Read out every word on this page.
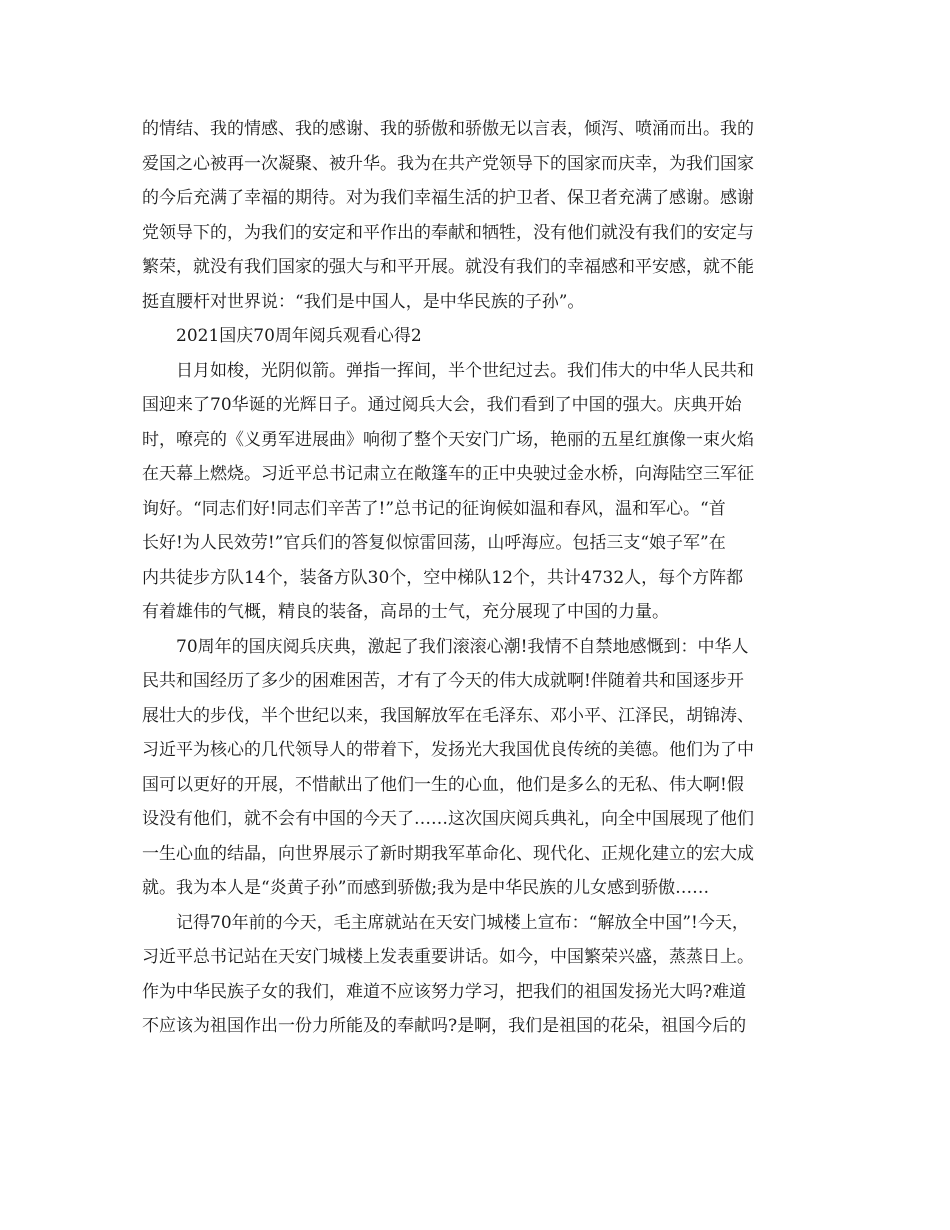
的情结、我的情感、我的感谢、我的骄傲和骄傲无以言表，倾泻、喷涌而出。我的
爱国之心被再一次凝聚、被升华。我为在共产党领导下的国家而庆幸，为我们国家
的今后充满了幸福的期待。对为我们幸福生活的护卫者、保卫者充满了感谢。感谢
党领导下的，为我们的安定和平作出的奉献和牺牲，没有他们就没有我们的安定与
繁荣，就没有我们国家的强大与和平开展。就没有我们的幸福感和平安感，就不能
挺直腰杆对世界说：“我们是中国人，是中华民族的子孙”。

2021国庆70周年阅兵观看心得2

日月如梭，光阴似箭。弹指一挥间，半个世纪过去。我们伟大的中华人民共和
国迎来了70华诞的光辉日子。通过阅兵大会，我们看到了中国的强大。庆典开始
时，嘹亮的《义勇军进展曲》响彻了整个天安门广场，艳丽的五星红旗像一束火焰
在天幕上燃烧。习近平总书记肃立在敞篷车的正中央驶过金水桥，向海陆空三军征
询好。“同志们好!同志们辛苦了!”总书记的征询候如温和春风，温和军心。“首
长好!为人民效劳!”官兵们的答复似惊雷回荡，山呼海应。包括三支“娘子军”在
内共徒步方队14个，装备方队30个，空中梯队12个，共计4732人，每个方阵都
有着雄伟的气概，精良的装备，高昂的士气，充分展现了中国的力量。

70周年的国庆阅兵庆典，激起了我们滚滚心潮!我情不自禁地感慨到：中华人
民共和国经历了多少的困难困苦，才有了今天的伟大成就啊!伴随着共和国逐步开
展壮大的步伐，半个世纪以来，我国解放军在毛泽东、邓小平、江泽民，胡锦涛、
习近平为核心的几代领导人的带着下，发扬光大我国优良传统的美德。他们为了中
国可以更好的开展，不惜献出了他们一生的心血，他们是多么的无私、伟大啊!假
设没有他们，就不会有中国的今天了……这次国庆阅兵典礼，向全中国展现了他们
一生心血的结晶，向世界展示了新时期我军革命化、现代化、正规化建立的宏大成
就。我为本人是“炎黄子孙”而感到骄傲;我为是中华民族的儿女感到骄傲……

记得70年前的今天，毛主席就站在天安门城楼上宣布：“解放全中国”!今天，
习近平总书记站在天安门城楼上发表重要讲话。如今，中国繁荣兴盛，蒸蒸日上。
作为中华民族子女的我们，难道不应该努力学习，把我们的祖国发扬光大吗?难道
不应该为祖国作出一份力所能及的奉献吗?是啊，我们是祖国的花朵，祖国今后的
